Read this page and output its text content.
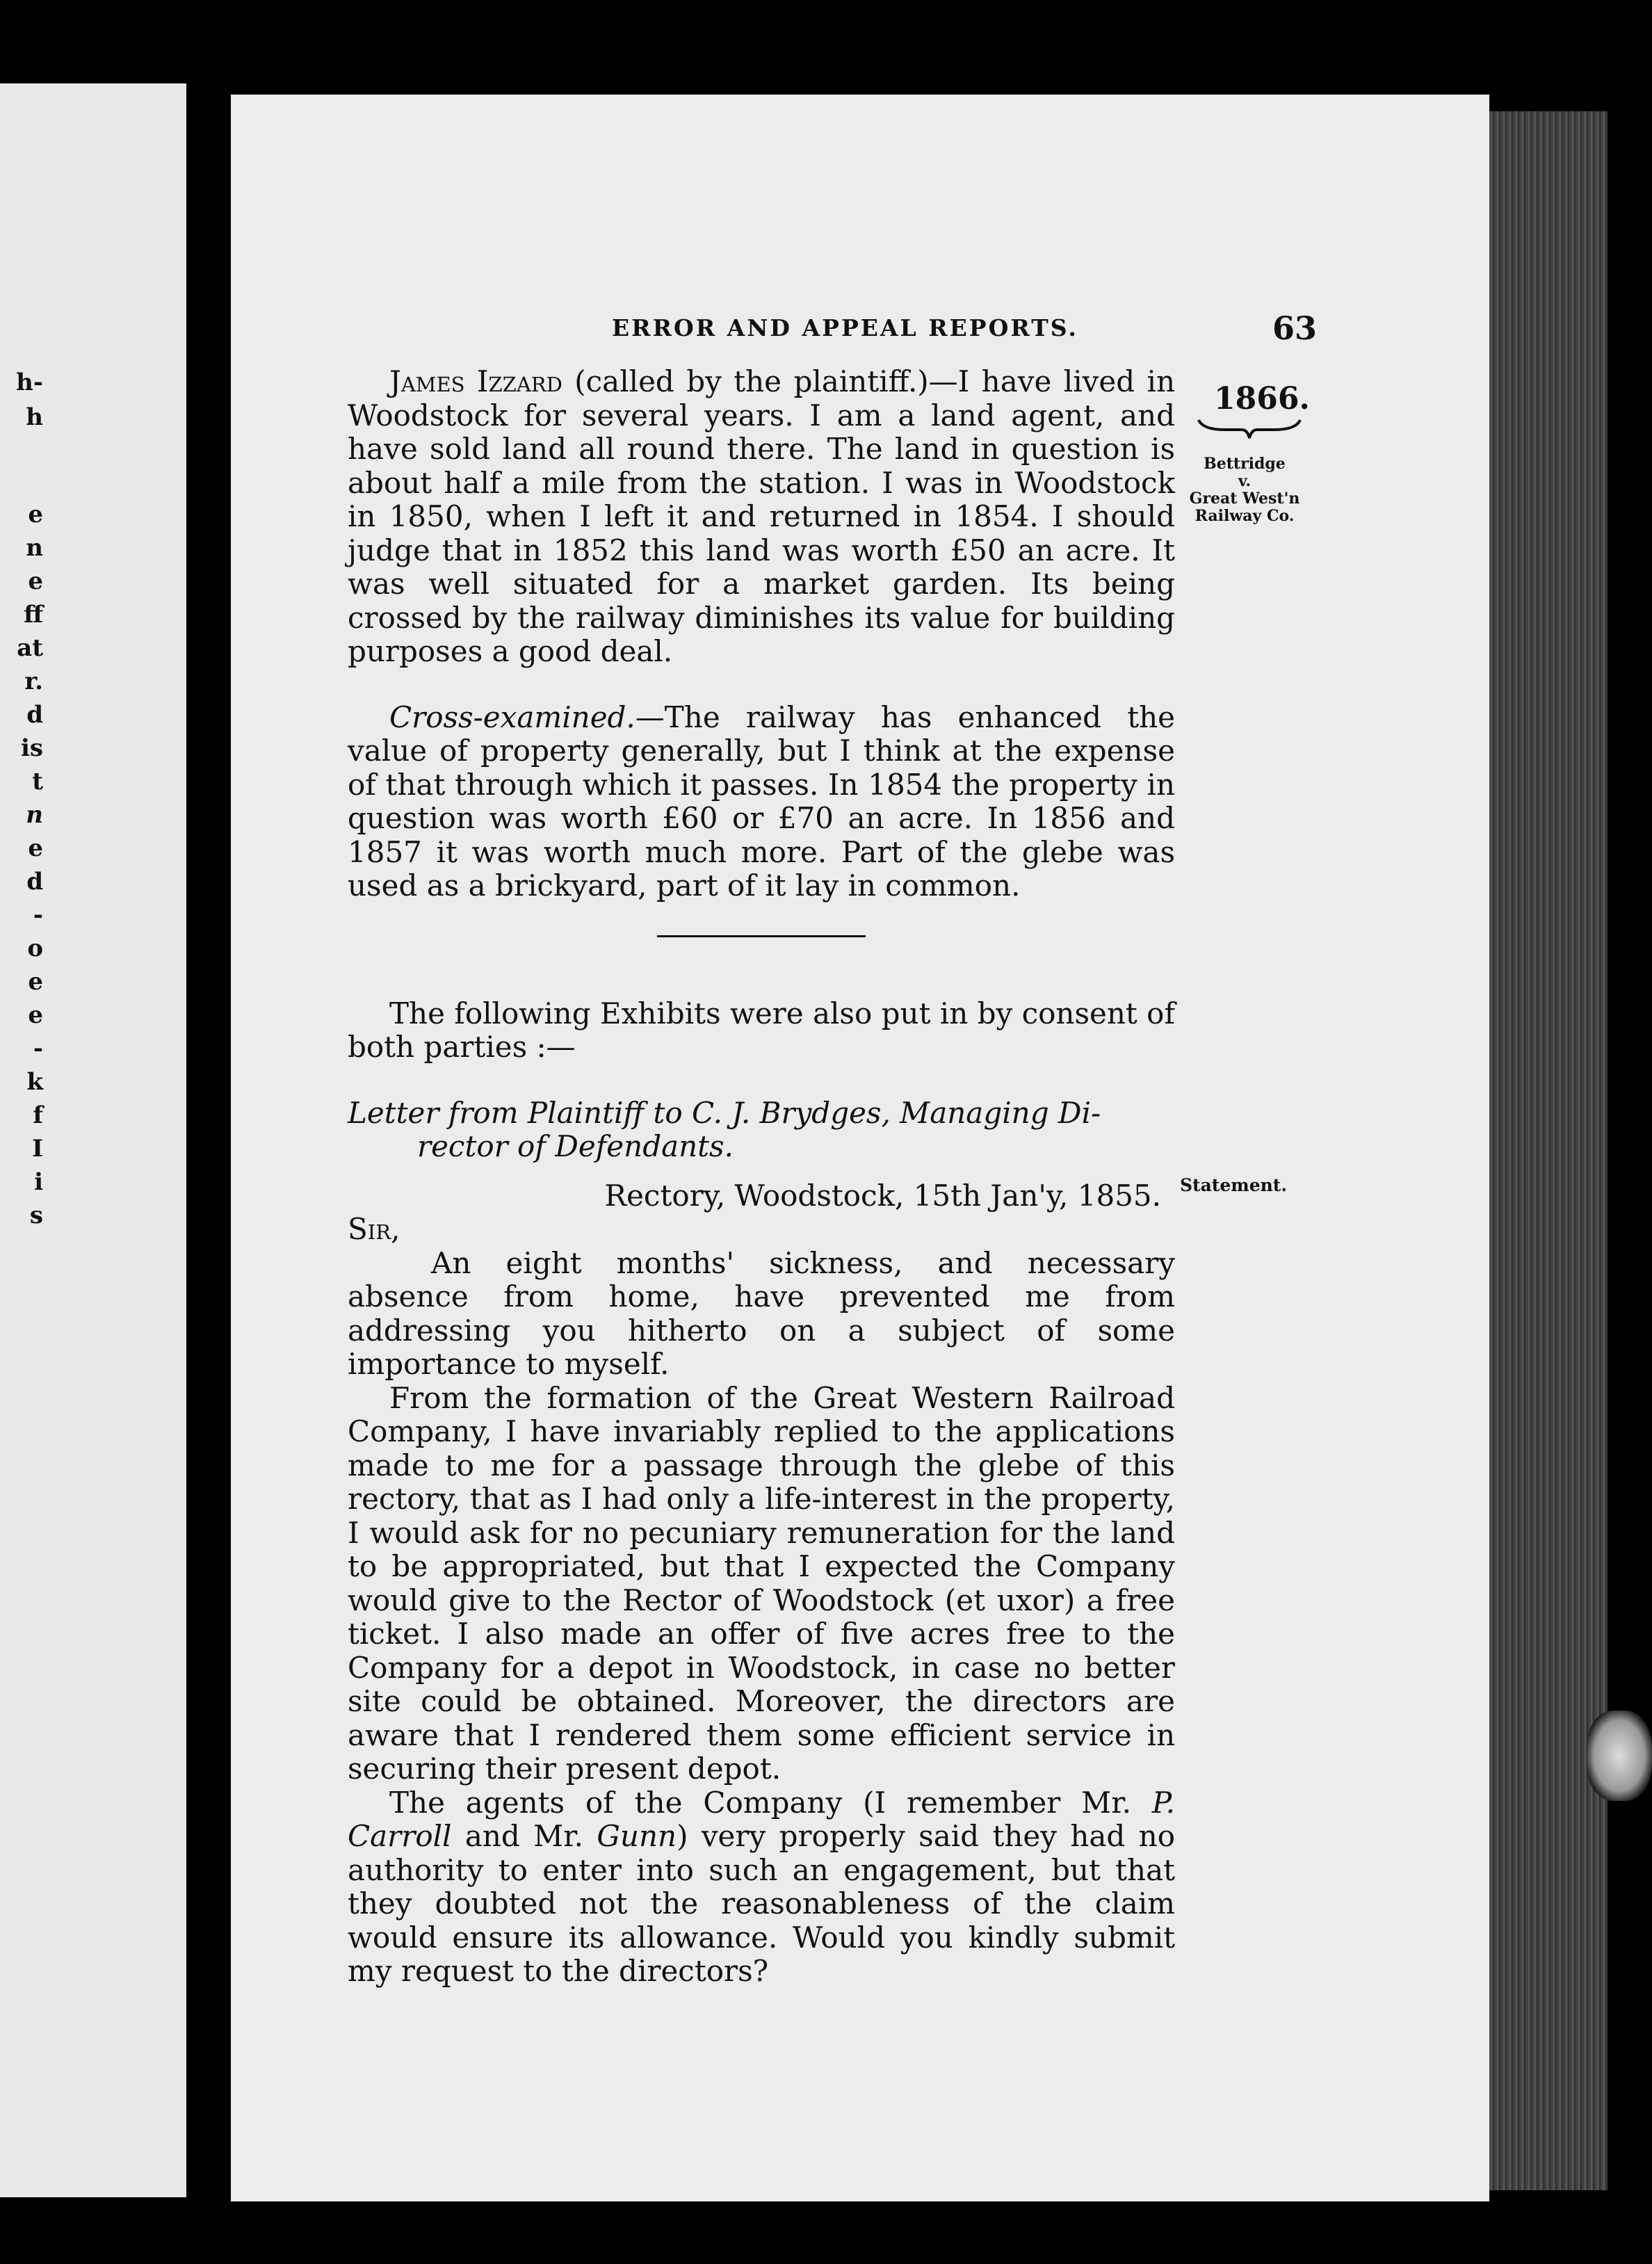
h-
h
e
n
e
ff
at
r.
d
is
t
n
e
d
-
o
e
e
-
k
f
I
i
s
ERROR AND APPEAL REPORTS.	63
1866.
Bettridge
v.
Great West'n
Railway Co.
Statement.

James Izzard (called by the plaintiff.)—I have lived in Woodstock for several years. I am a land agent, and have sold land all round there. The land in question is about half a mile from the station. I was in Woodstock in 1850, when I left it and returned in 1854. I should judge that in 1852 this land was worth £50 an acre. It was well situated for a market garden. Its being crossed by the railway diminishes its value for building purposes a good deal.

Cross-examined.—The railway has enhanced the value of property generally, but I think at the expense of that through which it passes. In 1854 the property in question was worth £60 or £70 an acre. In 1856 and 1857 it was worth much more. Part of the glebe was used as a brickyard, part of it lay in common.

The following Exhibits were also put in by consent of both parties :—

Letter from Plaintiff to C. J. Brydges, Managing Di-
rector of Defendants.

Rectory, Woodstock, 15th Jan'y, 1855.

Sir,

An eight months' sickness, and necessary absence from home, have prevented me from addressing you hitherto on a subject of some importance to myself.

From the formation of the Great Western Railroad Company, I have invariably replied to the applications made to me for a passage through the glebe of this rectory, that as I had only a life-interest in the property, I would ask for no pecuniary remuneration for the land to be appropriated, but that I expected the Company would give to the Rector of Woodstock (et uxor) a free ticket. I also made an offer of five acres free to the Company for a depot in Woodstock, in case no better site could be obtained. Moreover, the directors are aware that I rendered them some efficient service in securing their present depot.

The agents of the Company (I remember Mr. P. Carroll and Mr. Gunn) very properly said they had no authority to enter into such an engagement, but that they doubted not the reasonableness of the claim would ensure its allowance. Would you kindly submit my request to the directors?
